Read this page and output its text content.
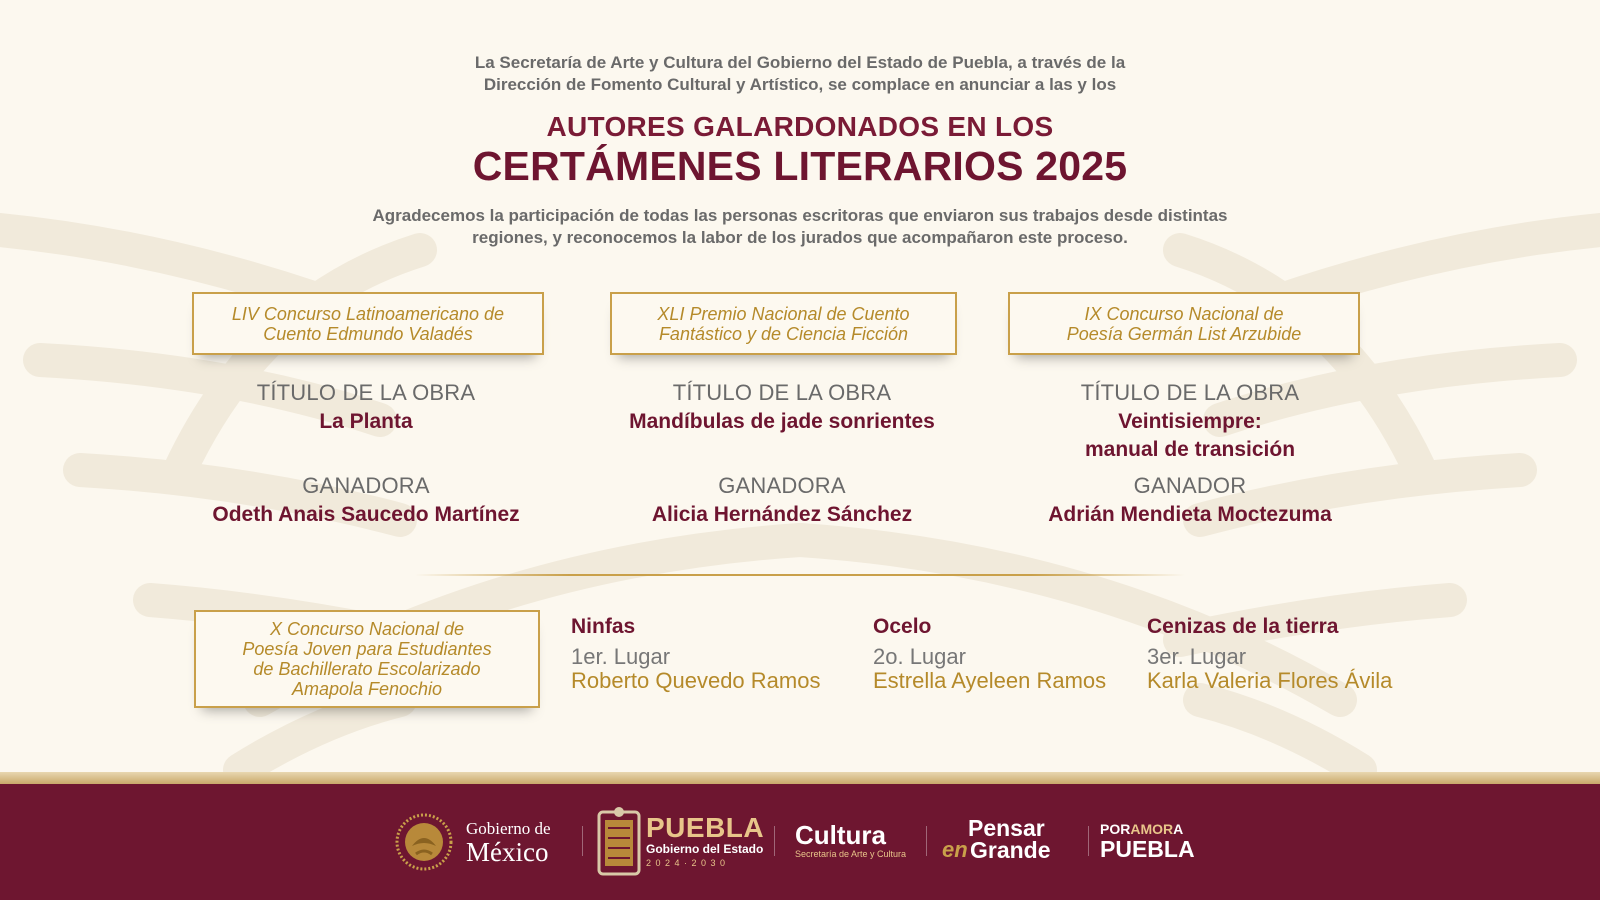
La Secretaría de Arte y Cultura del Gobierno del Estado de Puebla, a través de la
Dirección de Fomento Cultural y Artístico, se complace en anunciar a las y los
AUTORES GALARDONADOS EN LOS
CERTÁMENES LITERARIOS 2025
Agradecemos la participación de todas las personas escritoras que enviaron sus trabajos desde distintas
regiones, y reconocemos la labor de los jurados que acompañaron este proceso.
LIV Concurso Latinoamericano de
Cuento Edmundo Valadés
XLI Premio Nacional de Cuento
Fantástico y de Ciencia Ficción
IX Concurso Nacional de
Poesía Germán List Arzubide
TÍTULO DE LA OBRA
La Planta
GANADORA
Odeth Anais Saucedo Martínez
TÍTULO DE LA OBRA
Mandíbulas de jade sonrientes
GANADORA
Alicia Hernández Sánchez
TÍTULO DE LA OBRA
Veintisiempre:
manual de transición
GANADOR
Adrián Mendieta Moctezuma
X Concurso Nacional de
Poesía Joven para Estudiantes
de Bachillerato Escolarizado
Amapola Fenochio
Ninfas
1er. Lugar
Roberto Quevedo Ramos
Ocelo
2o. Lugar
Estrella Ayeleen Ramos
Cenizas de la tierra
3er. Lugar
Karla Valeria Flores Ávila
Gobierno de
México
PUEBLA
Gobierno del Estado
2 0 2 4 · 2 0 3 0
Cultura
Secretaría de Arte y Cultura
Pensar
en Grande
PORAMORA
PUEBLA
